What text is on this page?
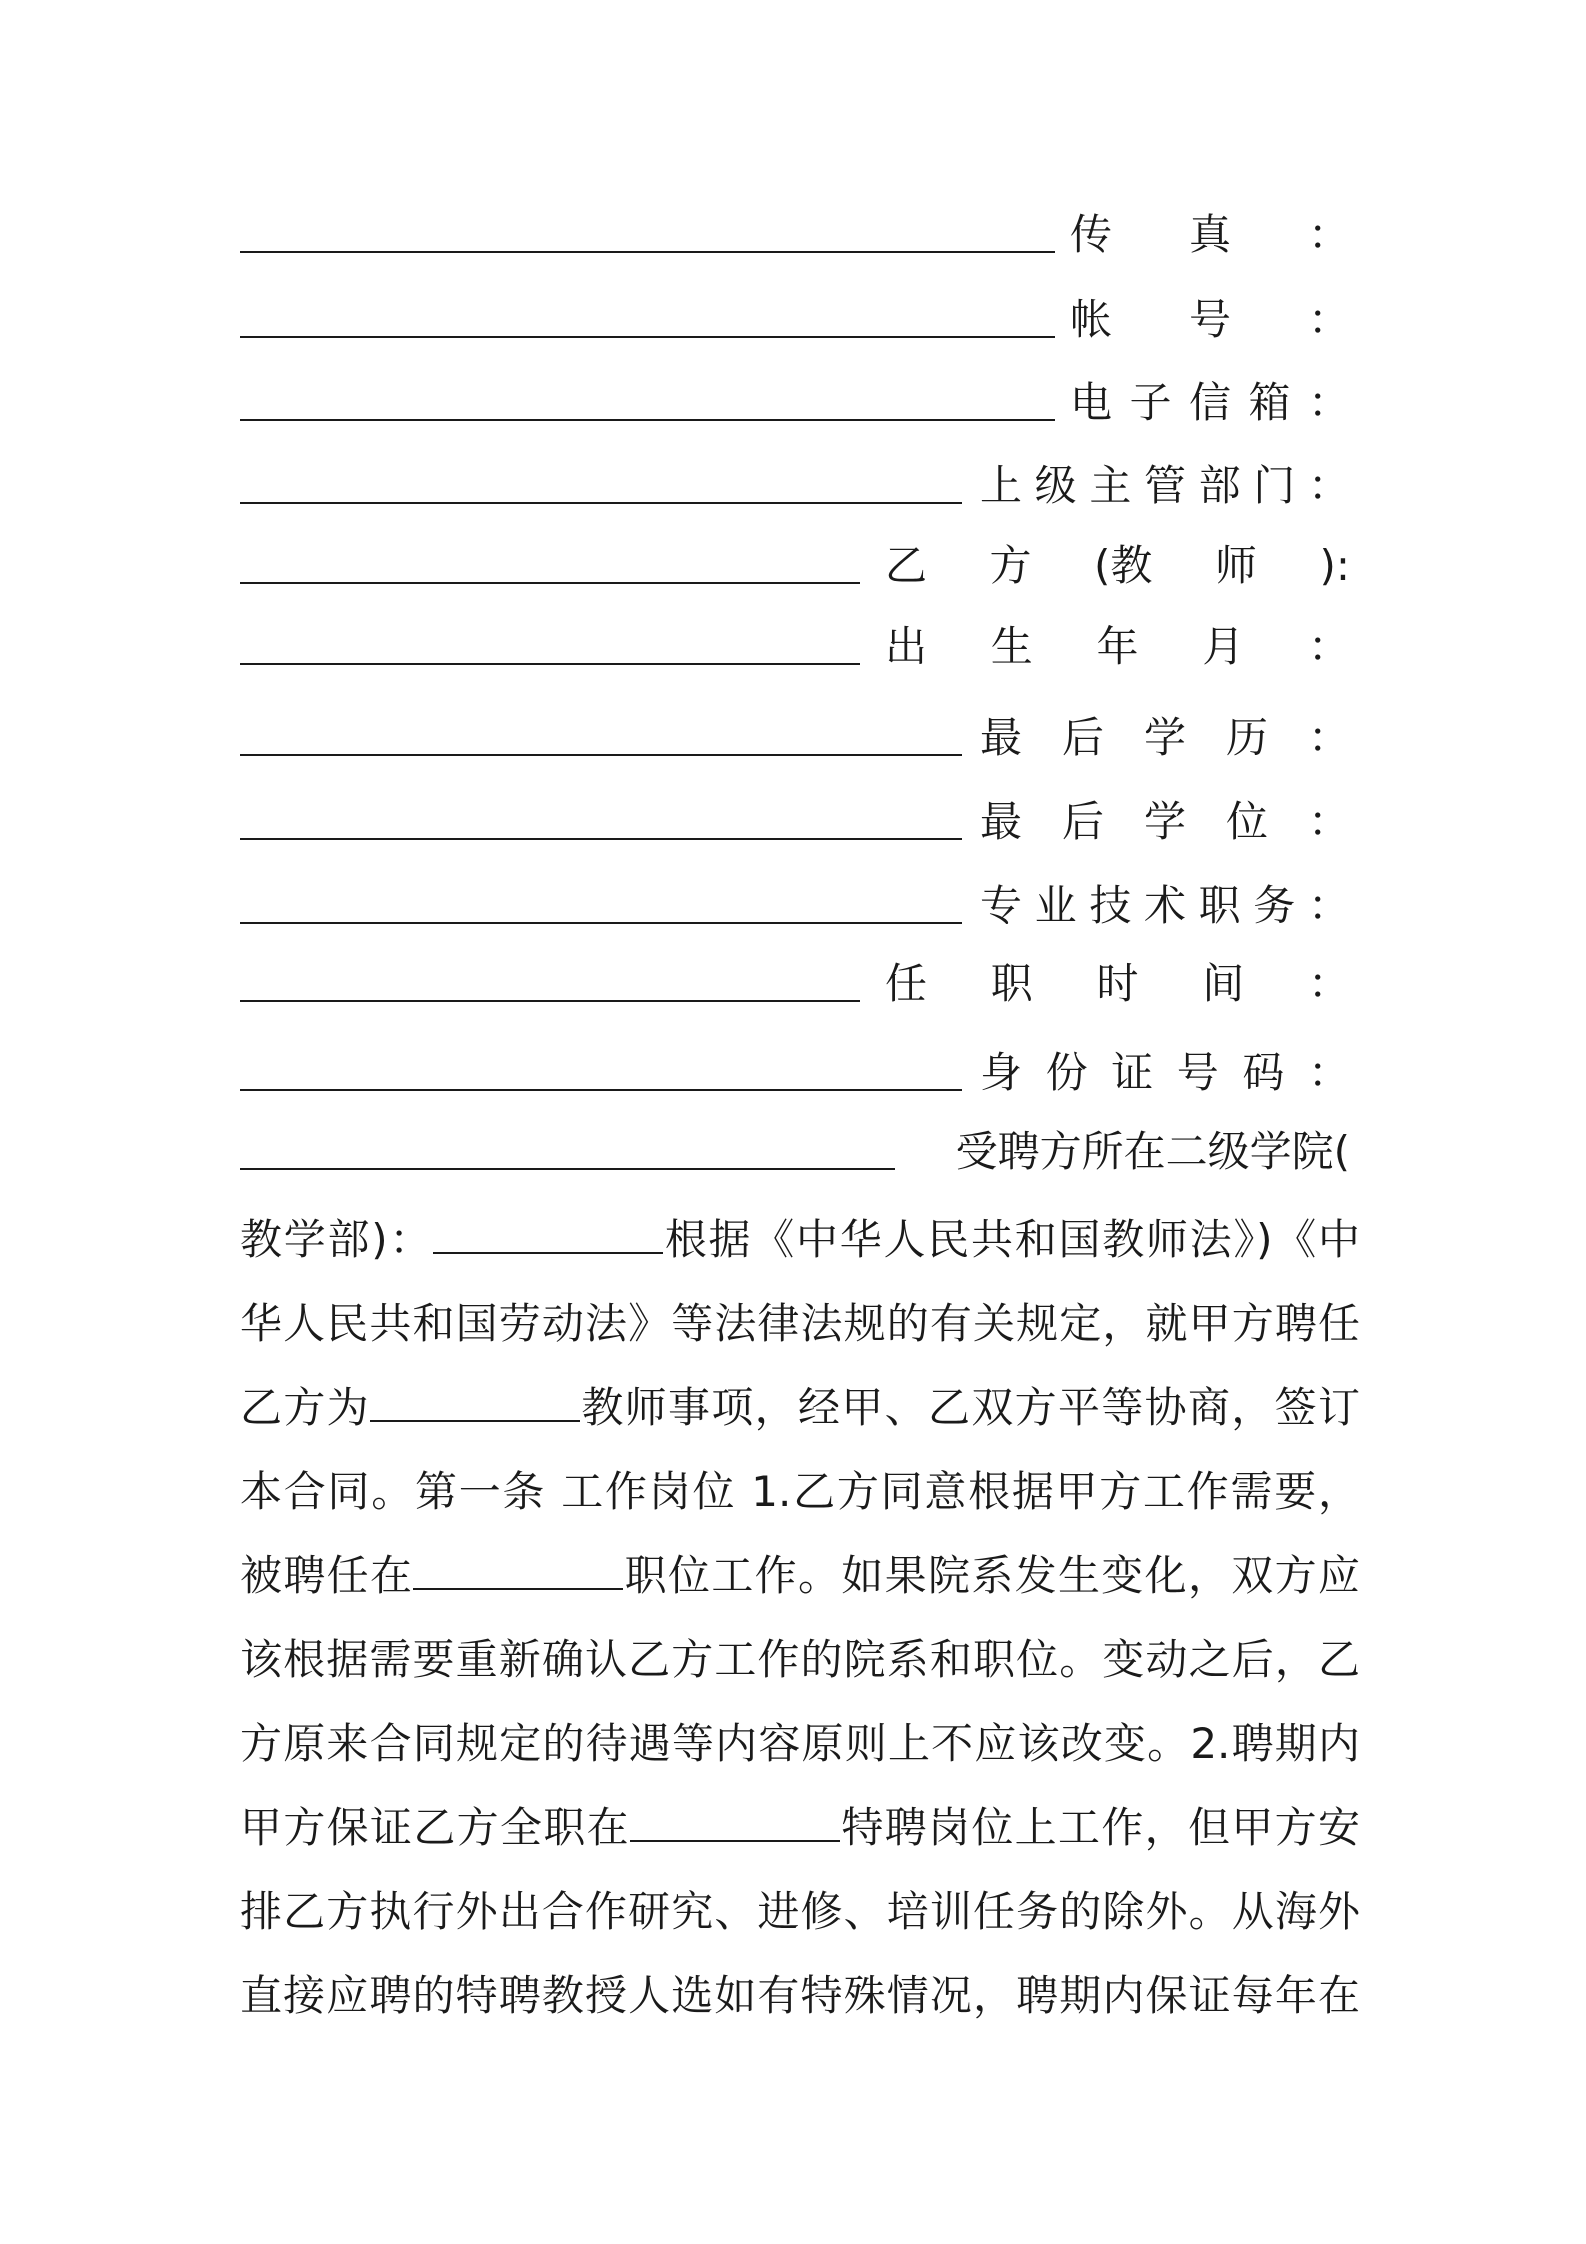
传 真 ：
帐 号 ：
电 子 信 箱 ：
上 级 主 管 部 门 ：
乙 方 (教 师 ):
出 生 年 月 ：
最 后 学 历 ：
最 后 学 位 ：
专 业 技 术 职 务 ：
任 职 时 间 ：
身 份 证 号 码 ：
受聘方所在二级学院(
教学部)：	根据《中华人民共和国教师法》)《中
华人民共和国劳动法》等法律法规的有关规定，就甲方聘任
乙方为	教师事项，经甲、乙双方平等协商，签订
本合同。第一条 工作岗位 1.乙方同意根据甲方工作需要，
被聘任在	职位工作。如果院系发生变化，双方应
该根据需要重新确认乙方工作的院系和职位。变动之后，乙
方原来合同规定的待遇等内容原则上不应该改变。2.聘期内
甲方保证乙方全职在	特聘岗位上工作，但甲方安
排乙方执行外出合作研究、进修、培训任务的除外。从海外
直接应聘的特聘教授人选如有特殊情况，聘期内保证每年在
